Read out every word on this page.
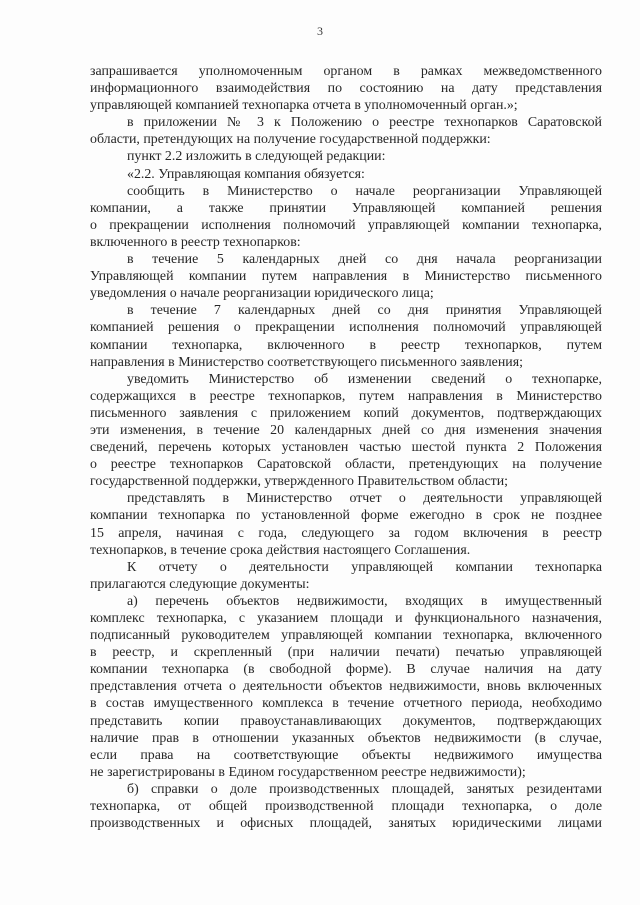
3
запрашивается уполномоченным органом в рамках межведомственного
информационного взаимодействия по состоянию на дату представления
управляющей компанией технопарка отчета в уполномоченный орган.»;
в приложении № 3 к Положению о реестре технопарков Саратовской
области, претендующих на получение государственной поддержки:
пункт 2.2 изложить в следующей редакции:
«2.2. Управляющая компания обязуется:
сообщить в Министерство о начале реорганизации Управляющей
компании, а также принятии Управляющей компанией решения
о прекращении исполнения полномочий управляющей компании технопарка,
включенного в реестр технопарков:
в течение 5 календарных дней со дня начала реорганизации
Управляющей компании путем направления в Министерство письменного
уведомления о начале реорганизации юридического лица;
в течение 7 календарных дней со дня принятия Управляющей
компанией решения о прекращении исполнения полномочий управляющей
компании технопарка, включенного в реестр технопарков, путем
направления в Министерство соответствующего письменного заявления;
уведомить Министерство об изменении сведений о технопарке,
содержащихся в реестре технопарков, путем направления в Министерство
письменного заявления с приложением копий документов, подтверждающих
эти изменения, в течение 20 календарных дней со дня изменения значения
сведений, перечень которых установлен частью шестой пункта 2 Положения
о реестре технопарков Саратовской области, претендующих на получение
государственной поддержки, утвержденного Правительством области;
представлять в Министерство отчет о деятельности управляющей
компании технопарка по установленной форме ежегодно в срок не позднее
15 апреля, начиная с года, следующего за годом включения в реестр
технопарков, в течение срока действия настоящего Соглашения.
К отчету о деятельности управляющей компании технопарка
прилагаются следующие документы:
а) перечень объектов недвижимости, входящих в имущественный
комплекс технопарка, с указанием площади и функционального назначения,
подписанный руководителем управляющей компании технопарка, включенного
в реестр, и скрепленный (при наличии печати) печатью управляющей
компании технопарка (в свободной форме). В случае наличия на дату
представления отчета о деятельности объектов недвижимости, вновь включенных
в состав имущественного комплекса в течение отчетного периода, необходимо
представить копии правоустанавливающих документов, подтверждающих
наличие прав в отношении указанных объектов недвижимости (в случае,
если права на соответствующие объекты недвижимого имущества
не зарегистрированы в Едином государственном реестре недвижимости);
б) справки о доле производственных площадей, занятых резидентами
технопарка, от общей производственной площади технопарка, о доле
производственных и офисных площадей, занятых юридическими лицами
